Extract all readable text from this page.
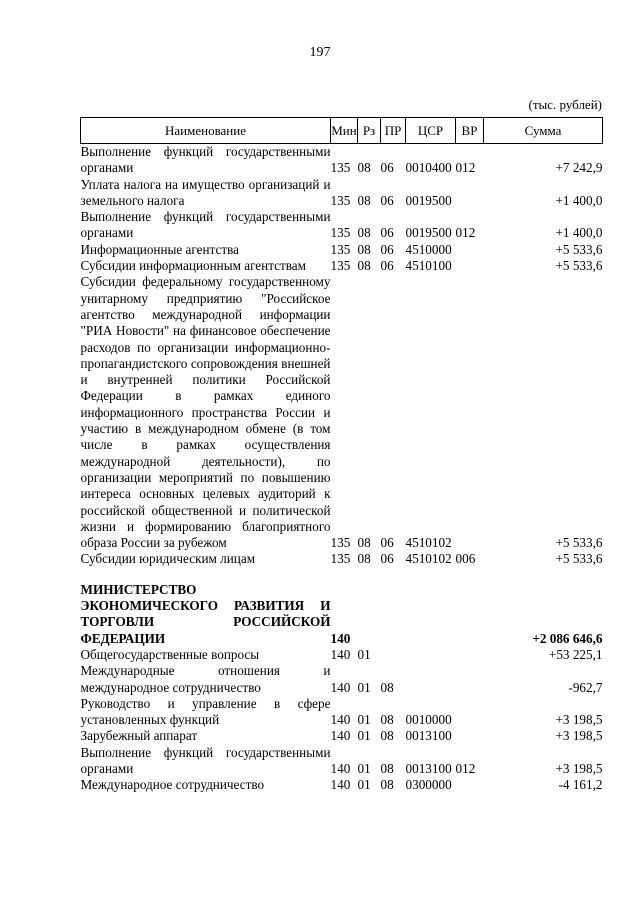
197
(тыс. рублей)
Наименование	Мин	Рз	ПР	ЦСР	ВР	Сумма
Выполнение функций государственными органами	135	08	06	0010400	012	+7 242,9
Уплата налога на имущество организаций и земельного налога	135	08	06	0019500		+1 400,0
Выполнение функций государственными органами	135	08	06	0019500	012	+1 400,0
Информационные агентства	135	08	06	4510000		+5 533,6
Субсидии информационным агентствам	135	08	06	4510100		+5 533,6
Субсидии федеральному государственному унитарному предприятию "Российское агентство международной информации "РИА Новости" на финансовое обеспечение расходов по организации информационно-пропагандистского сопровождения внешней и внутренней политики Российской Федерации в рамках единого информационного пространства России и участию в международном обмене (в том числе в рамках осуществления международной деятельности), по организации мероприятий по повышению интереса основных целевых аудиторий к российской общественной и политической жизни и формированию благоприятного образа России за рубежом	135	08	06	4510102		+5 533,6
Субсидии юридическим лицам	135	08	06	4510102	006	+5 533,6

МИНИСТЕРСТВО ЭКОНОМИЧЕСКОГО РАЗВИТИЯ И ТОРГОВЛИ РОССИЙСКОЙ ФЕДЕРАЦИИ	140					+2 086 646,6
Общегосударственные вопросы	140	01				+53 225,1
Международные отношения и международное сотрудничество	140	01	08			-962,7
Руководство и управление в сфере установленных функций	140	01	08	0010000		+3 198,5
Зарубежный аппарат	140	01	08	0013100		+3 198,5
Выполнение функций государственными органами	140	01	08	0013100	012	+3 198,5
Международное сотрудничество	140	01	08	0300000		-4 161,2
